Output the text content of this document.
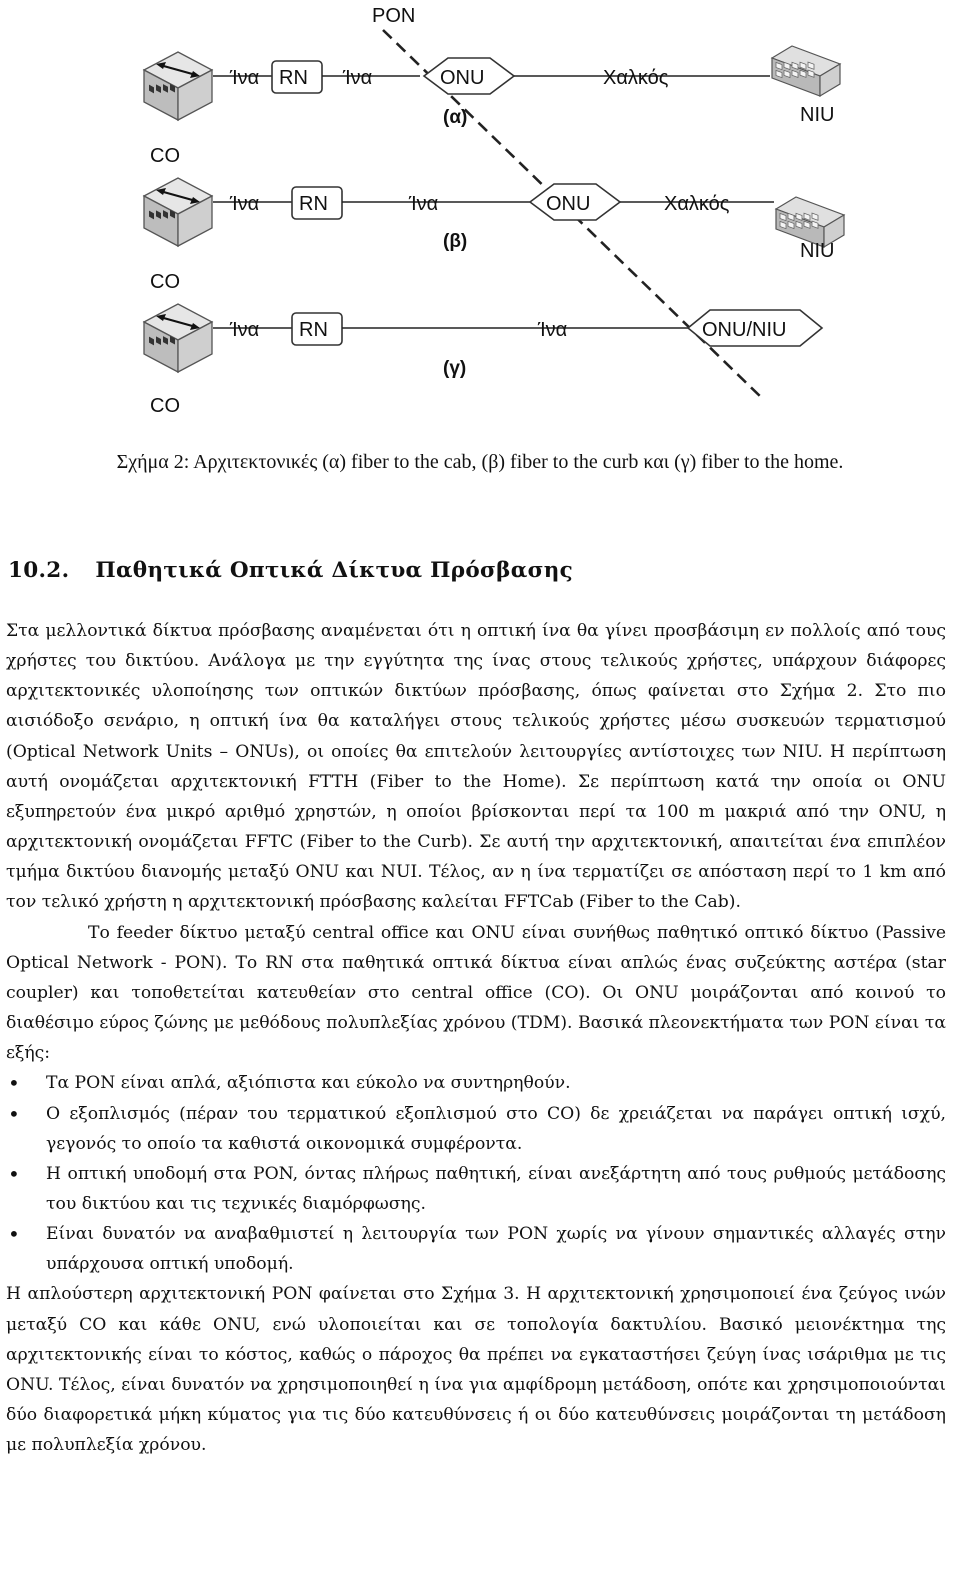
PON
CO
Ίνα RN Ίνα	ONU	Χαλκός
NIU
(α)
CO
Ίνα RN	Ίνα	ONU	Χαλκός
NIU
(β)
CO
Ίνα RN	Ίνα	ONU/NIU
(γ)
Σχήμα 2: Αρχιτεκτονικές (α) fiber to the cab, (β) fiber to the curb και (γ) fiber to the home.
10.2. Παθητικά Οπτικά Δίκτυα Πρόσβασης

Στα μελλοντικά δίκτυα πρόσβασης αναμένεται ότι η οπτική ίνα θα γίνει προσβάσιμη εν πολλοίς από τους χρήστες του δικτύου. Ανάλογα με την εγγύτητα της ίνας στους τελικούς χρήστες, υπάρχουν διάφορες αρχιτεκτονικές υλοποίησης των οπτικών δικτύων πρόσβασης, όπως φαίνεται στο Σχήμα 2. Στο πιο αισιόδοξο σενάριο, η οπτική ίνα θα καταλήγει στους τελικούς χρήστες μέσω συσκευών τερματισμού (Optical Network Units – ONUs), οι οποίες θα επιτελούν λειτουργίες αντίστοιχες των NIU. Η περίπτωση αυτή ονομάζεται αρχιτεκτονική FTTH (Fiber to the Home). Σε περίπτωση κατά την οποία οι ONU εξυπηρετούν ένα μικρό αριθμό χρηστών, η οποίοι βρίσκονται περί τα 100 m μακριά από την ONU, η αρχιτεκτονική ονομάζεται FFTC (Fiber to the Curb). Σε αυτή την αρχιτεκτονική, απαιτείται ένα επιπλέον τμήμα δικτύου διανομής μεταξύ ONU και NUI. Τέλος, αν η ίνα τερματίζει σε απόσταση περί το 1 km από τον τελικό χρήστη η αρχιτεκτονική πρόσβασης καλείται FFTCab (Fiber to the Cab).

Το feeder δίκτυο μεταξύ central office και ONU είναι συνήθως παθητικό οπτικό δίκτυο (Passive Optical Network - PON). Το RN στα παθητικά οπτικά δίκτυα είναι απλώς ένας συζεύκτης αστέρα (star coupler) και τοποθετείται κατευθείαν στο central office (CO). Οι ONU μοιράζονται από κοινού το διαθέσιμο εύρος ζώνης με μεθόδους πολυπλεξίας χρόνου (TDM). Βασικά πλεονεκτήματα των PON είναι τα εξής:

• Τα PON είναι απλά, αξιόπιστα και εύκολο να συντηρηθούν.
• Ο εξοπλισμός (πέραν του τερματικού εξοπλισμού στο CO) δε χρειάζεται να παράγει οπτική ισχύ, γεγονός το οποίο τα καθιστά οικονομικά συμφέροντα.
• Η οπτική υποδομή στα PON, όντας πλήρως παθητική, είναι ανεξάρτητη από τους ρυθμούς μετάδοσης του δικτύου και τις τεχνικές διαμόρφωσης.
• Είναι δυνατόν να αναβαθμιστεί η λειτουργία των PON χωρίς να γίνουν σημαντικές αλλαγές στην υπάρχουσα οπτική υποδομή.

Η απλούστερη αρχιτεκτονική PON φαίνεται στο Σχήμα 3. Η αρχιτεκτονική χρησιμοποιεί ένα ζεύγος ινών μεταξύ CO και κάθε ONU, ενώ υλοποιείται και σε τοπολογία δακτυλίου. Βασικό μειονέκτημα της αρχιτεκτονικής είναι το κόστος, καθώς ο πάροχος θα πρέπει να εγκαταστήσει ζεύγη ίνας ισάριθμα με τις ONU. Τέλος, είναι δυνατόν να χρησιμοποιηθεί η ίνα για αμφίδρομη μετάδοση, οπότε και χρησιμοποιούνται δύο διαφορετικά μήκη κύματος για τις δύο κατευθύνσεις ή οι δύο κατευθύνσεις μοιράζονται τη μετάδοση με πολυπλεξία χρόνου.
